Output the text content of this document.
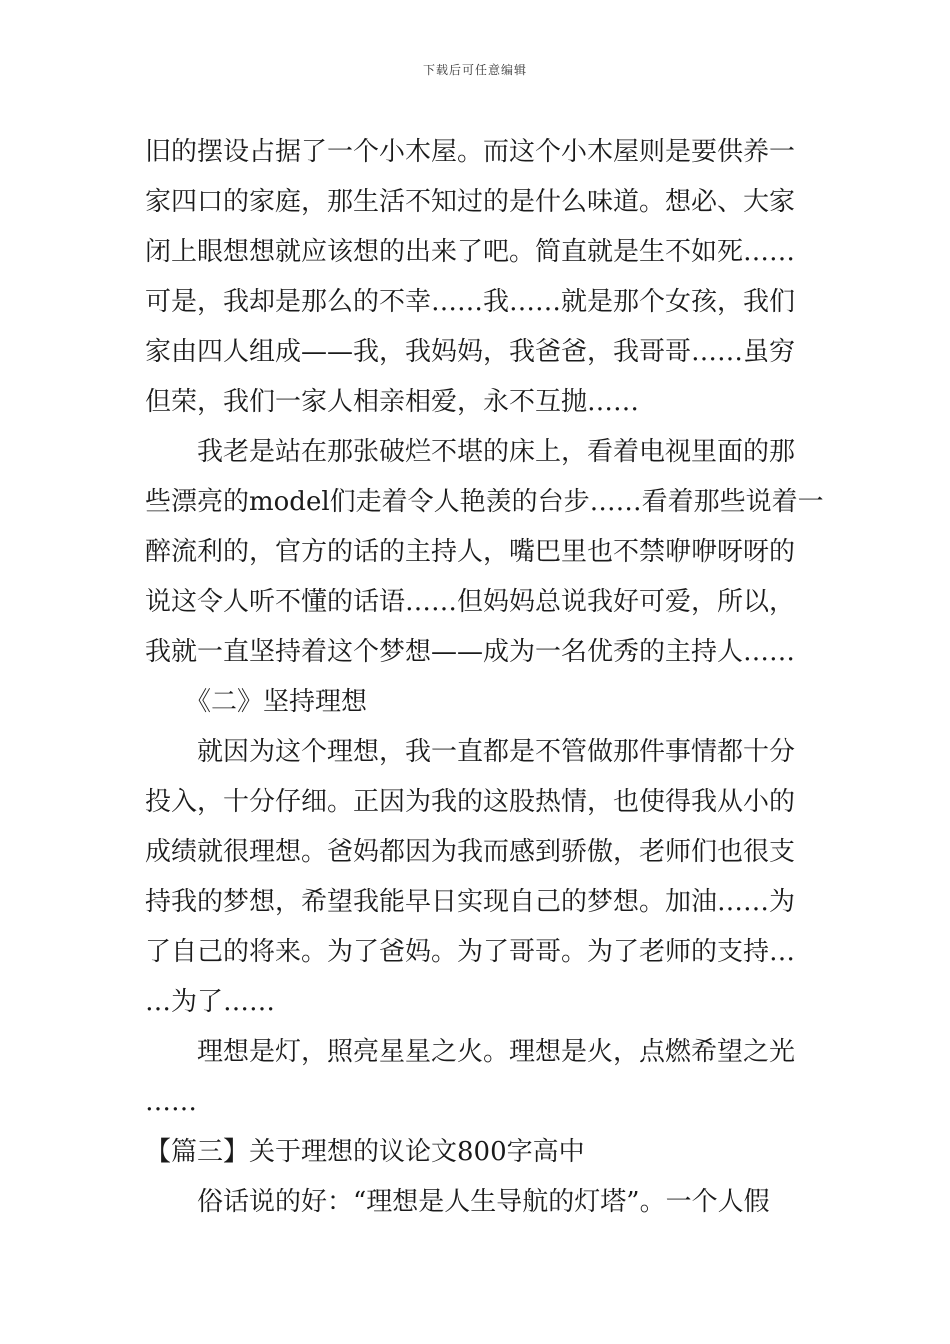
下载后可任意编辑
旧的摆设占据了一个小木屋。而这个小木屋则是要供养一
家四口的家庭，那生活不知过的是什么味道。想必、大家
闭上眼想想就应该想的出来了吧。简直就是生不如死……
可是，我却是那么的不幸……我……就是那个女孩，我们
家由四人组成——我，我妈妈，我爸爸，我哥哥……虽穷
但荣，我们一家人相亲相爱，永不互抛……
我老是站在那张破烂不堪的床上，看着电视里面的那
些漂亮的model们走着令人艳羡的台步……看着那些说着一
醉流利的，官方的话的主持人，嘴巴里也不禁咿咿呀呀的
说这令人听不懂的话语……但妈妈总说我好可爱，所以，
我就一直坚持着这个梦想——成为一名优秀的主持人……
《二》坚持理想
就因为这个理想，我一直都是不管做那件事情都十分
投入，十分仔细。正因为我的这股热情，也使得我从小的
成绩就很理想。爸妈都因为我而感到骄傲，老师们也很支
持我的梦想，希望我能早日实现自己的梦想。加油……为
了自己的将来。为了爸妈。为了哥哥。为了老师的支持…
…为了……
理想是灯，照亮星星之火。理想是火，点燃希望之光
……
【篇三】关于理想的议论文800字高中
俗话说的好：“理想是人生导航的灯塔”。一个人假
